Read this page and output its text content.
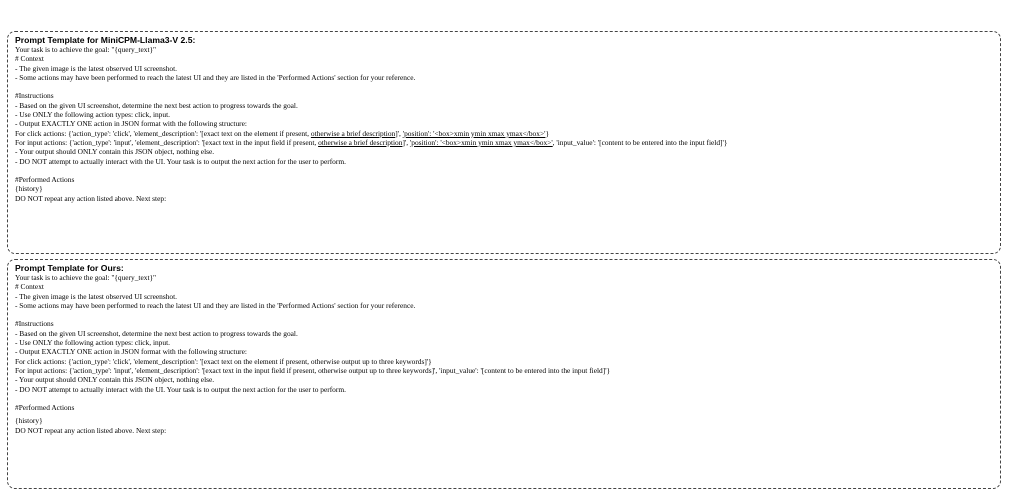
Prompt Template for MiniCPM-Llama3-V 2.5:
Your task is to achieve the goal: "{query_text}"
# Context
- The given image is the latest observed UI screenshot.
- Some actions may have been performed to reach the latest UI and they are listed in the 'Performed Actions' section for your reference.
#Instructions
- Based on the given UI screenshot, determine the next best action to progress towards the goal.
- Use ONLY the following action types: click, input.
- Output EXACTLY ONE action in JSON format with the following structure:
For click actions: {'action_type': 'click', 'element_description': '[exact text on the element if present, otherwise a brief description]', 'position': '<box>xmin ymin xmax ymax</box>'}
For input actions: {'action_type': 'input', 'element_description': '[exact text in the input field if present, otherwise a brief description]', 'position': '<box>xmin ymin xmax ymax</box>', 'input_value': '[content to be entered into the input field]'}
- Your output should ONLY contain this JSON object, nothing else.
- DO NOT attempt to actually interact with the UI. Your task is to output the next action for the user to perform.
#Performed Actions
{history}
DO NOT repeat any action listed above. Next step:
Prompt Template for Ours:
Your task is to achieve the goal: "{query_text}"
# Context
- The given image is the latest observed UI screenshot.
- Some actions may have been performed to reach the latest UI and they are listed in the 'Performed Actions' section for your reference.
#Instructions
- Based on the given UI screenshot, determine the next best action to progress towards the goal.
- Use ONLY the following action types: click, input.
- Output EXACTLY ONE action in JSON format with the following structure:
For click actions: {'action_type': 'click', 'element_description': '[exact text on the element if present, otherwise output up to three keywords]'}
For input actions: {'action_type': 'input', 'element_description': '[exact text in the input field if present, otherwise output up to three keywords]', 'input_value': '[content to be entered into the input field]'}
- Your output should ONLY contain this JSON object, nothing else.
- DO NOT attempt to actually interact with the UI. Your task is to output the next action for the user to perform.
#Performed Actions
{history}
DO NOT repeat any action listed above. Next step:
